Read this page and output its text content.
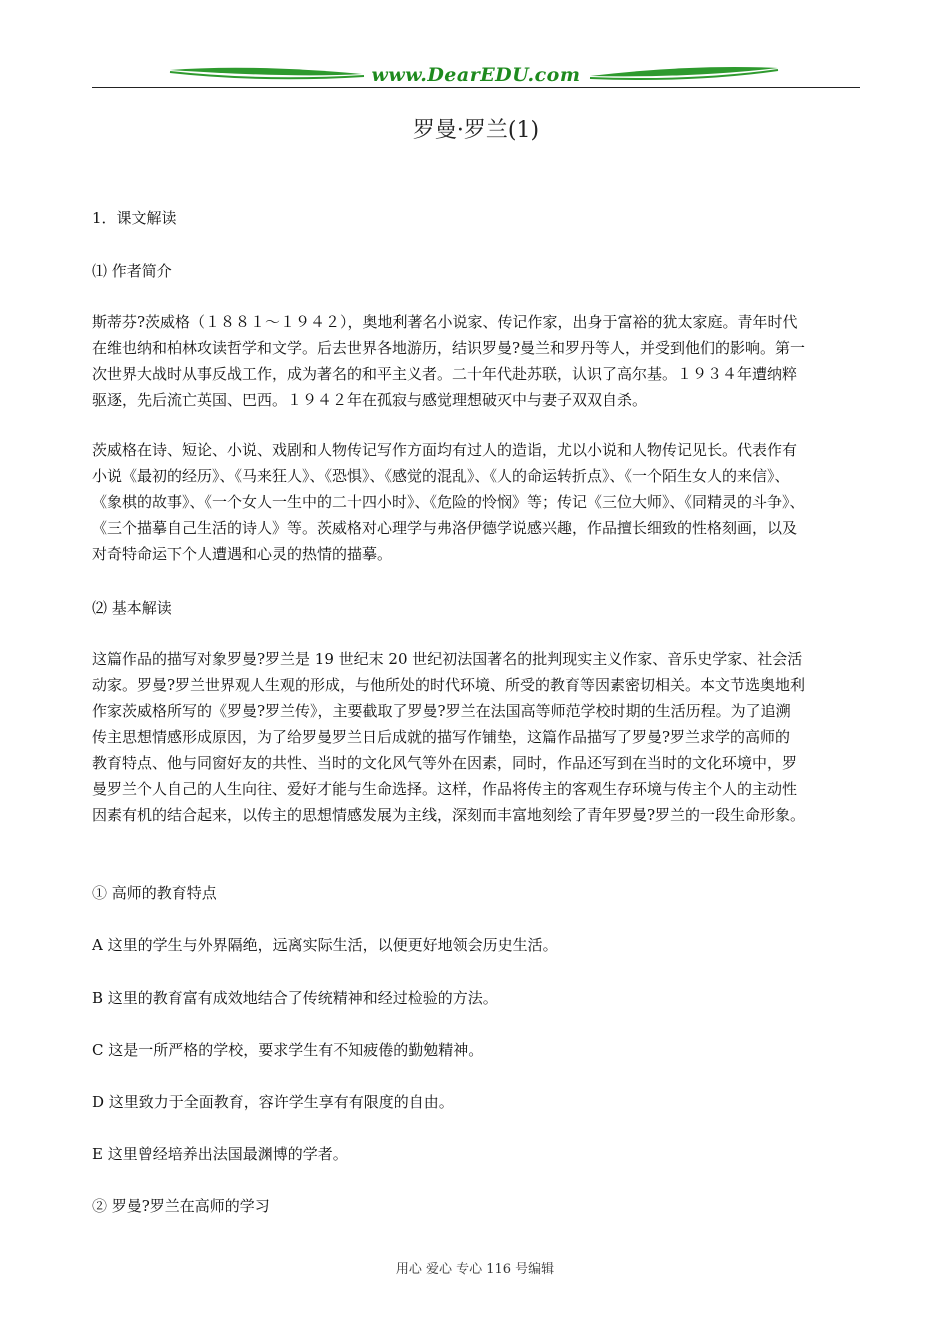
www.DearEDU.com
罗曼·罗兰(1)
1．课文解读
⑴ 作者简介
斯蒂芬?茨威格（１８８１～１９４２），奥地利著名小说家、传记作家，出身于富裕的犹太家庭。青年时代
在维也纳和柏林攻读哲学和文学。后去世界各地游历，结识罗曼?曼兰和罗丹等人，并受到他们的影响。第一
次世界大战时从事反战工作，成为著名的和平主义者。二十年代赴苏联，认识了高尔基。１９３４年遭纳粹
驱逐，先后流亡英国、巴西。１９４２年在孤寂与感觉理想破灭中与妻子双双自杀。
茨威格在诗、短论、小说、戏剧和人物传记写作方面均有过人的造诣，尤以小说和人物传记见长。代表作有
小说《最初的经历》、《马来狂人》、《恐惧》、《感觉的混乱》、《人的命运转折点》、《一个陌生女人的来信》、
《象棋的故事》、《一个女人一生中的二十四小时》、《危险的怜悯》等；传记《三位大师》、《同精灵的斗争》、
《三个描摹自己生活的诗人》等。茨威格对心理学与弗洛伊德学说感兴趣，作品擅长细致的性格刻画，以及
对奇特命运下个人遭遇和心灵的热情的描摹。
⑵ 基本解读
这篇作品的描写对象罗曼?罗兰是 19 世纪末 20 世纪初法国著名的批判现实主义作家、音乐史学家、社会活
动家。罗曼?罗兰世界观人生观的形成，与他所处的时代环境、所受的教育等因素密切相关。本文节选奥地利
作家茨威格所写的《罗曼?罗兰传》，主要截取了罗曼?罗兰在法国高等师范学校时期的生活历程。为了追溯
传主思想情感形成原因，为了给罗曼罗兰日后成就的描写作铺垫，这篇作品描写了罗曼?罗兰求学的高师的
教育特点、他与同窗好友的共性、当时的文化风气等外在因素，同时，作品还写到在当时的文化环境中，罗
曼罗兰个人自己的人生向往、爱好才能与生命选择。这样，作品将传主的客观生存环境与传主个人的主动性
因素有机的结合起来，以传主的思想情感发展为主线，深刻而丰富地刻绘了青年罗曼?罗兰的一段生命形象。
① 高师的教育特点
A 这里的学生与外界隔绝，远离实际生活，以便更好地领会历史生活。
B 这里的教育富有成效地结合了传统精神和经过检验的方法。
C 这是一所严格的学校，要求学生有不知疲倦的勤勉精神。
D 这里致力于全面教育，容许学生享有有限度的自由。
E 这里曾经培养出法国最渊博的学者。
② 罗曼?罗兰在高师的学习
用心 爱心 专心 116 号编辑
